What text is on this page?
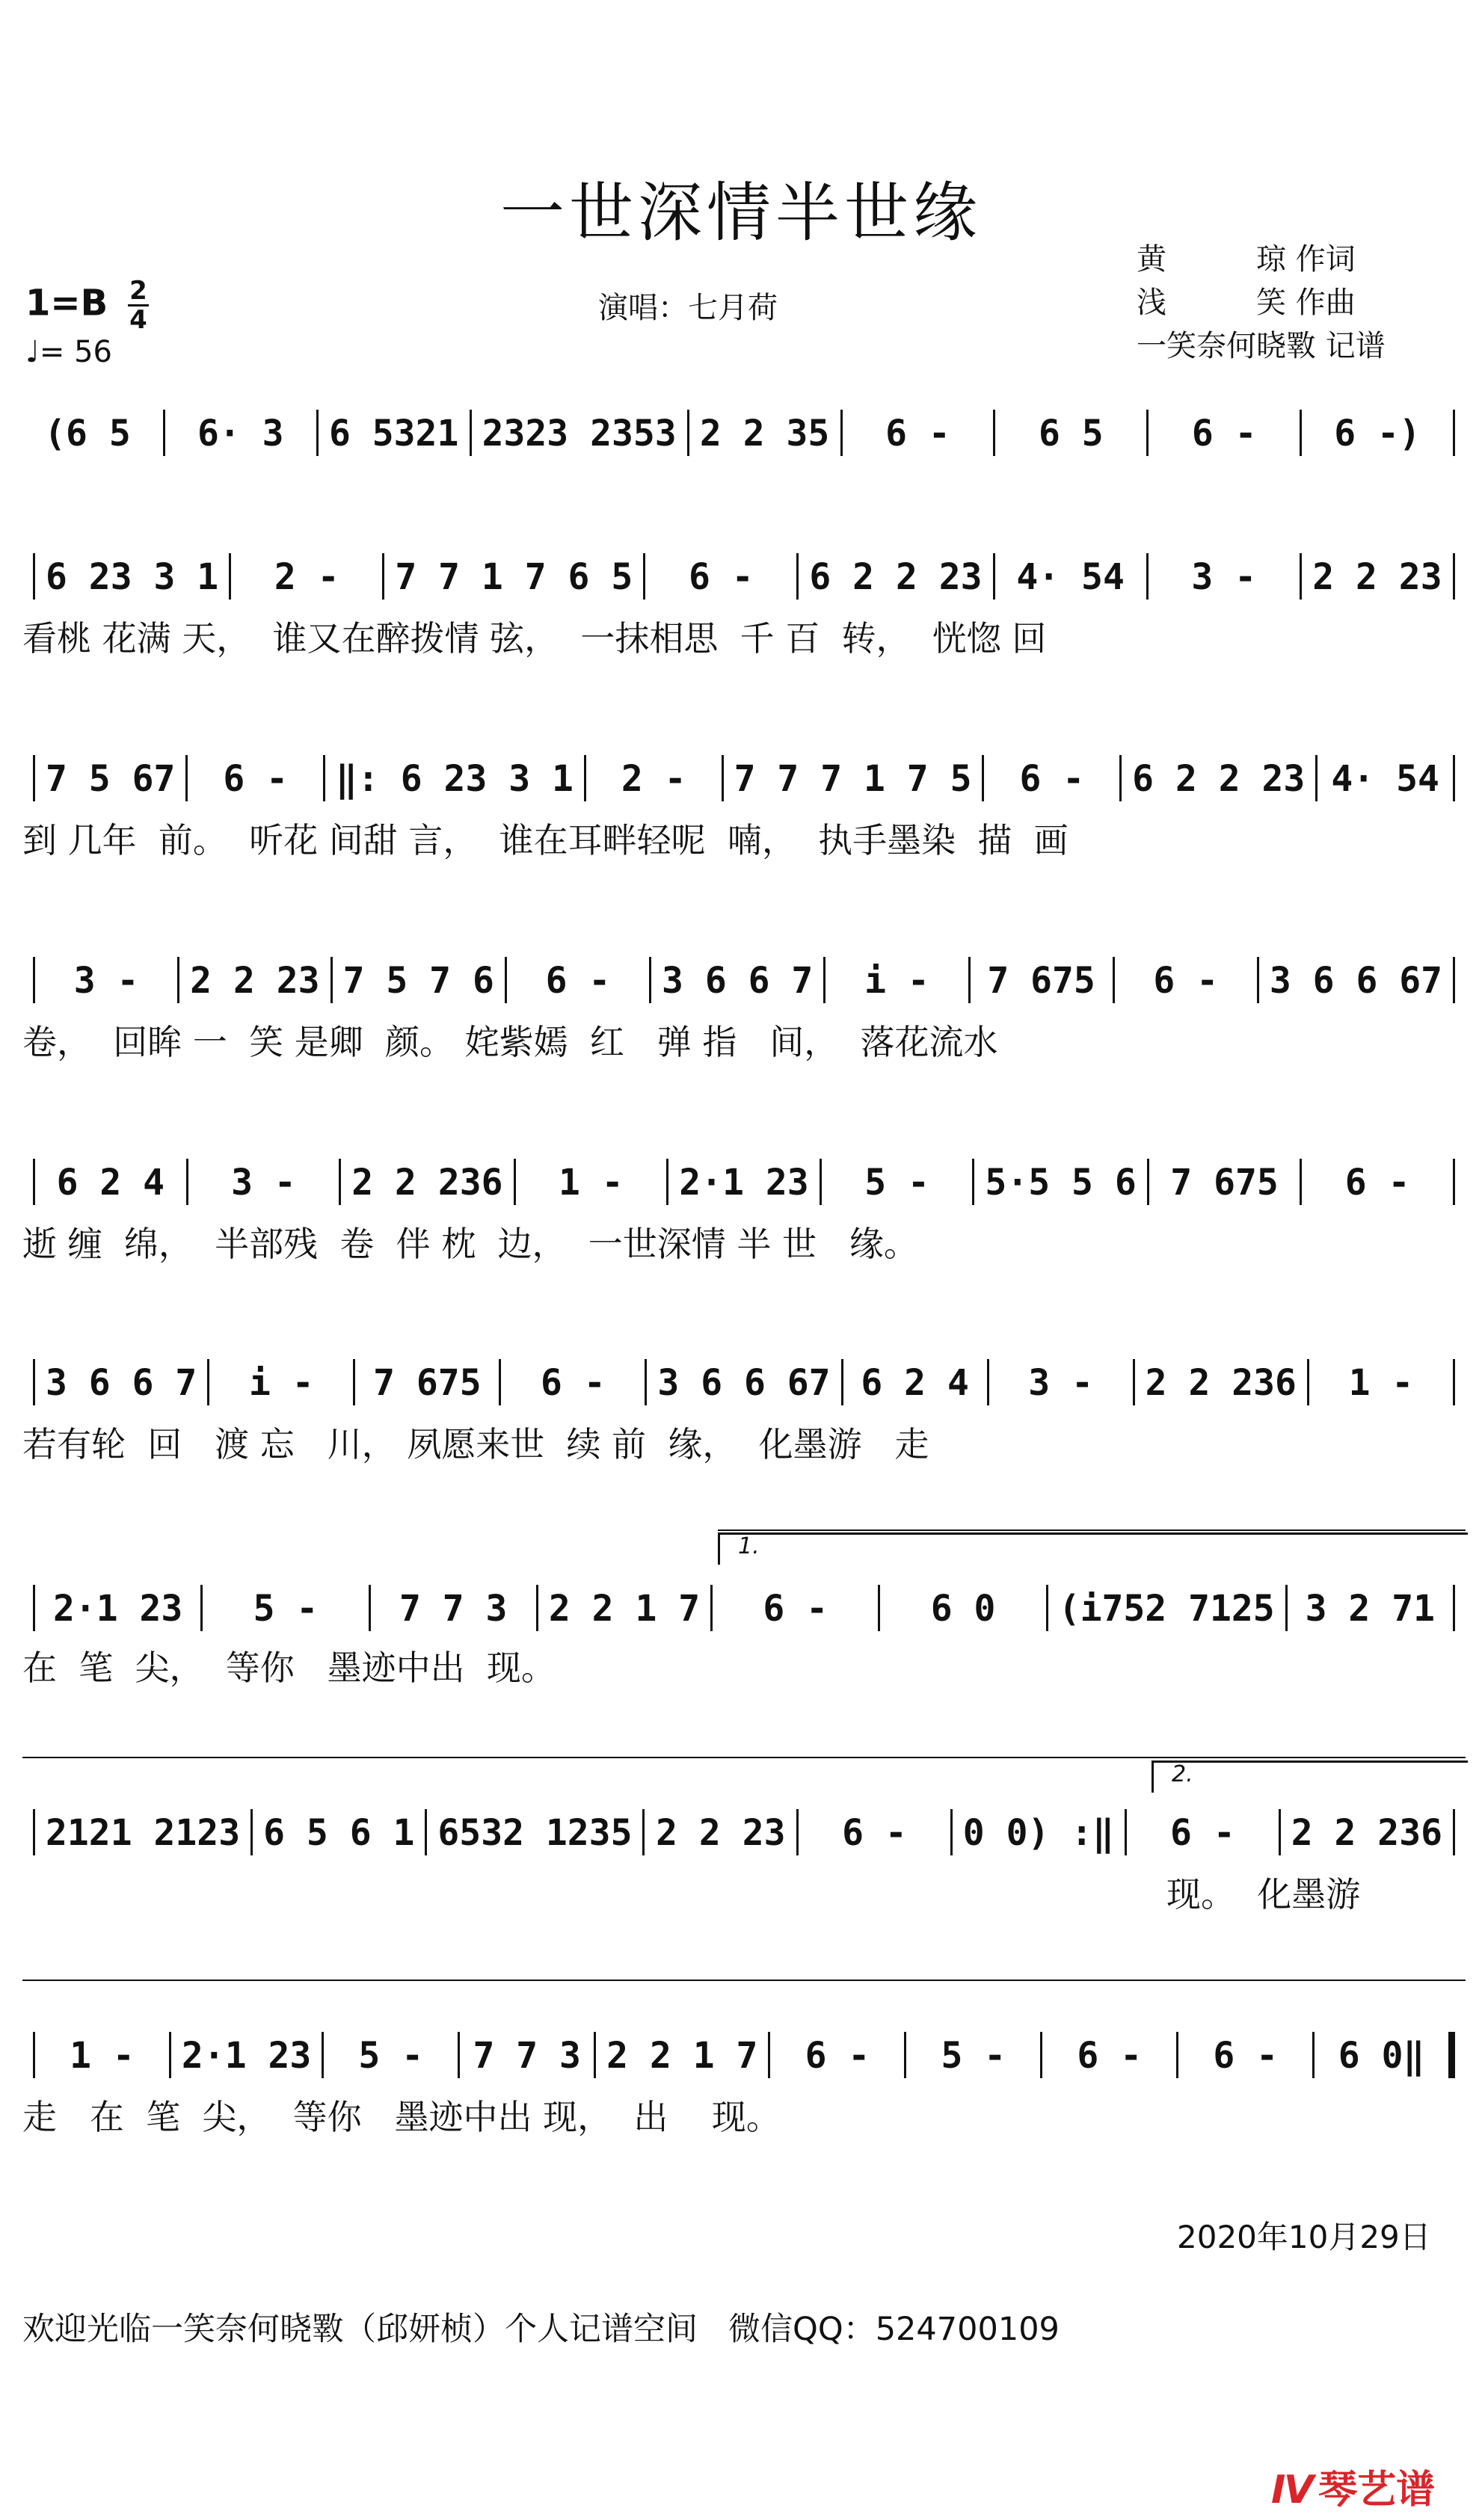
一世深情半世缘
$1=B \frac{2}{4}$
♩= 56
演唱：七月荷
黄　　　琼 作词
浅　　　笑 作曲
一笑奈何晓斁 记谱
(6 5 6· 3 6 5321 2323 2353 2 2 35 6 - 6 5 6 - 6 -)
6 23 3 1 2 - 7 7 1 7 6 5 6 - 6 2 2 23 4· 54 3 - 2 2 23
看桃 花满 天，  谁又在醉拨情 弦，  一抹相思  千 百  转，  恍惚 回
7 5 67 6 - ‖: 6 23 3 1 2 - 7 7 7 1 7 5 6 - 6 2 2 23 4· 54
到 几年  前。  听花 间甜 言，  谁在耳畔轻呢  喃，  执手墨染  描  画
3 - 2 2 23 7 5 7 6 6 - 3 6 6 7 i - 7 675 6 - 3 6 6 67
卷，  回眸 一  笑 是卿  颜。 姹紫嫣  红   弹 指   间，  落花流水
6 2 4 3 - 2 2 236 1 - 2·1 23 5 - 5·5 5 6 7 675 6 -
逝 缠  绵，  半部残  卷  伴 枕  边，  一世深情 半 世   缘。
3 6 6 7 i - 7 675 6 - 3 6 6 67 6 2 4 3 - 2 2 236 1 -
若有轮  回   渡 忘   川， 夙愿来世  续 前  缘，  化墨游   走
2·1 23 5 - 7 7 3 2 2 1 7 6 -	6 0 (i752 7125 3 2 71
1.
在  笔  尖，  等你   墨迹中出  现。
2121 2123 6 5 6 1 6532 1235 2 2 23 6 - 0 0) :‖ 6 - 2 2 236
2.
现。  化墨游
1 - 2·1 23 5 - 7 7 3 2 2 1 7 6 - 5 - 6 - 6 - 6 0‖
走   在  笔  尖，  等你   墨迹中出 现，  出    现。
2020年10月29日
欢迎光临一笑奈何晓斁（邱妍桢）个人记谱空间   微信QQ：524700109
Ⅳ 琴艺谱
